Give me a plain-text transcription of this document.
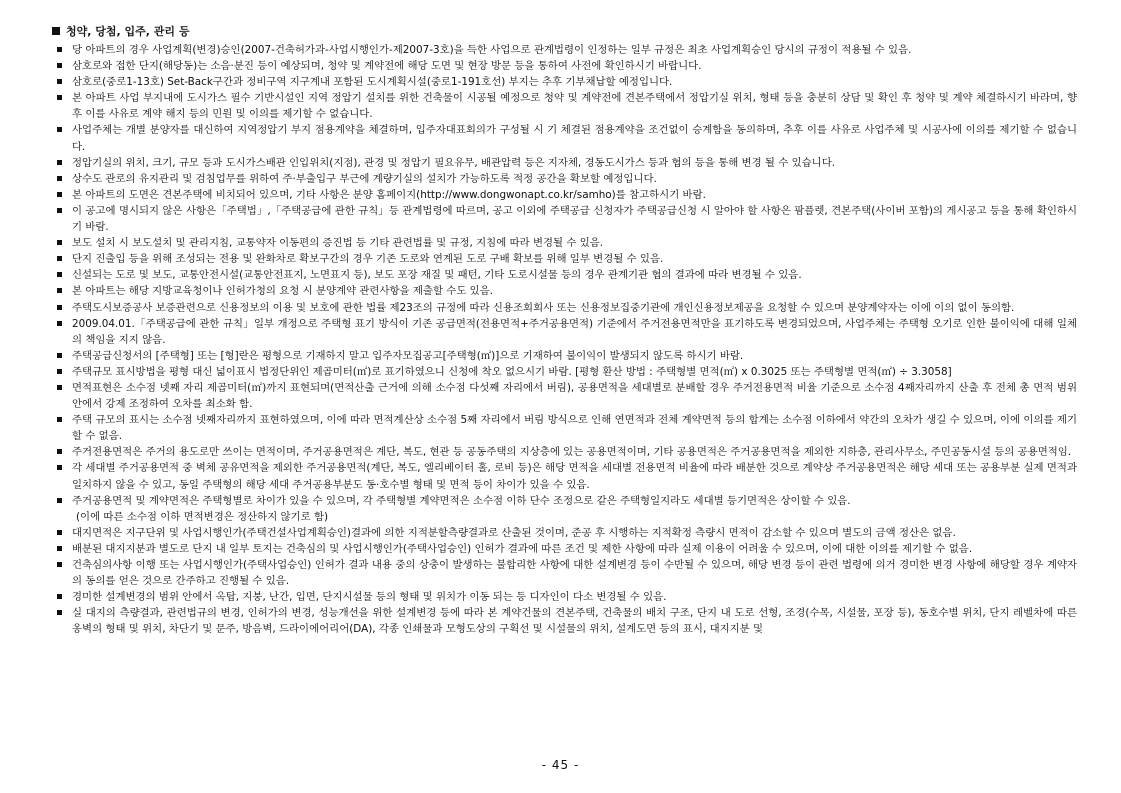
청약, 당첨, 입주, 관리 등
당 아파트의 경우 사업계획(변경)승인(2007-건축허가과-사업시행인가-제2007-3호)을 득한 사업으로 관계법령이 인정하는 일부 규정은 최초 사업계획승인 당시의 규정이 적용될 수 있음.
삼호로와 접한 단지(해당동)는 소음·분진 등이 예상되며, 청약 및 계약전에 해당 도면 및 현장 방문 등을 통하여 사전에 확인하시기 바랍니다.
삼호로(중로1-13호) Set-Back구간과 정비구역 지구계내 포함된 도시계획시설(중로1-191호선) 부지는 추후 기부채납할 예정입니다.
본 아파트 사업 부지내에 도시가스 필수 기반시설인 지역 정압기 설치를 위한 건축물이 시공될 예정으로 청약 및 계약전에 견본주택에서 정압기실 위치, 형태 등을 충분히 상담 및 확인 후 청약 및 계약 체결하시기 바라며, 향후 이를 사유로 계약 해지 등의 민원 및 이의를 제기할 수 없습니다.
사업주체는 개별 분양자를 대신하여 지역정압기 부지 점용계약을 체결하며, 입주자대표회의가 구성될 시 기 체결된 점용계약을 조건없이 승계함을 동의하며, 추후 이를 사유로 사업주체 및 시공사에 이의를 제기할 수 없습니다.
정압기실의 위치, 크기, 규모 등과 도시가스배관 인입위치(지점), 관경 및 정압기 필요유무, 배관압력 등은 지자체, 경동도시가스 등과 협의 등을 통해 변경 될 수 있습니다.
상수도 관로의 유지관리 및 검침업무를 위하여 주·부출입구 부근에 계량기실의 설치가 가능하도록 적정 공간을 확보할 예정입니다.
본 아파트의 도면은 견본주택에 비치되어 있으며, 기타 사항은 분양 홈페이지(http://www.dongwonapt.co.kr/samho)를 참고하시기 바람.
이 공고에 명시되지 않은 사항은「주택법」,「주택공급에 관한 규칙」등 관계법령에 따르며, 공고 이외에 주택공급 신청자가 주택공급신청 시 알아야 할 사항은 팜플렛, 견본주택(사이버 포함)의 게시공고 등을 통해 확인하시기 바람.
보도 설치 시 보도설치 및 관리지침, 교통약자 이동편의 증진법 등 기타 관련법률 및 규정, 지침에 따라 변경될 수 있음.
단지 진출입 등을 위해 조성되는 전용 및 완화차로 확보구간의 경우 기존 도로와 연계된 도로 구배 확보를 위해 일부 변경될 수 있음.
신설되는 도로 및 보도, 교통안전시설(교통안전표지, 노면표지 등), 보도 포장 재질 및 패턴, 기타 도로시설물 등의 경우 관계기관 협의 결과에 따라 변경될 수 있음.
본 아파트는 해당 지방교육청이나 인허가청의 요청 시 분양계약 관련사항을 제출할 수도 있음.
주택도시보증공사 보증관련으로 신용정보의 이용 및 보호에 관한 법률 제23조의 규정에 따라 신용조회회사 또는 신용정보집중기관에 개인신용정보제공을 요청할 수 있으며 분양계약자는 이에 이의 없이 동의함.
2009.04.01.「주택공급에 관한 규칙」일부 개정으로 주택형 표기 방식이 기존 공급면적(전용면적+주거공용면적) 기준에서 주거전용면적만을 표기하도록 변경되었으며, 사업주체는 주택형 오기로 인한 불이익에 대해 일체의 책임을 지지 않음.
주택공급신청서의 [주택형] 또는 [형]란은 평형으로 기재하지 말고 입주자모집공고[주택형(㎡)]으로 기재하여 불이익이 발생되지 않도록 하시기 바람.
주택규모 표시방법을 평형 대신 넓이표시 법정단위인 제곱미터(㎡)로 표기하였으니 신청에 착오 없으시기 바람. [평형 환산 방법 : 주택형별 면적(㎡) x 0.3025 또는 주택형별 면적(㎡) ÷ 3.3058]
면적표현은 소수점 넷째 자리 제곱미터(㎡)까지 표현되며(면적산출 근거에 의해 소수점 다섯째 자리에서 버림), 공용면적을 세대별로 분배할 경우 주거전용면적 비율 기준으로 소수점 4째자리까지 산출 후 전체 총 면적 범위 안에서 강제 조정하여 오차를 최소화 함.
주택 규모의 표시는 소수점 넷째자리까지 표현하였으며, 이에 따라 면적계산상 소수점 5째 자리에서 버림 방식으로 인해 연면적과 전체 계약면적 등의 합계는 소수점 이하에서 약간의 오차가 생길 수 있으며, 이에 이의를 제기할 수 없음.
주거전용면적은 주거의 용도로만 쓰이는 면적이며, 주거공용면적은 계단, 복도, 현관 등 공동주택의 지상층에 있는 공용면적이며, 기타 공용면적은 주거공용면적을 제외한 지하층, 관리사무소, 주민공동시설 등의 공용면적임.
각 세대별 주거공용면적 중 벽체 공유면적을 제외한 주거공용면적(계단, 복도, 엘리베이터 홀, 로비 등)은 해당 면적을 세대별 전용면적 비율에 따라 배분한 것으로 계약상 주거공용면적은 해당 세대 또는 공용부분 실제 면적과 일치하지 않을 수 있고, 동일 주택형의 해당 세대 주거공용부분도 동·호수별 형태 및 면적 등이 차이가 있을 수 있음.
주거공용면적 및 계약면적은 주택형별로 차이가 있을 수 있으며, 각 주택형별 계약면적은 소수점 이하 단수 조정으로 같은 주택형일지라도 세대별 등기면적은 상이할 수 있음.
(이에 따른 소수점 이하 면적변경은 정산하지 않기로 함)
대지면적은 지구단위 및 사업시행인가(주택건설사업계획승인)결과에 의한 지적분할측량결과로 산출된 것이며, 준공 후 시행하는 지적확정 측량시 면적이 감소할 수 있으며 별도의 금액 정산은 없음.
배분된 대지지분과 별도로 단지 내 일부 토지는 건축심의 및 사업시행인가(주택사업승인) 인허가 결과에 따른 조건 및 제한 사항에 따라 실제 이용이 어려울 수 있으며, 이에 대한 이의를 제기할 수 없음.
건축심의사항 이행 또는 사업시행인가(주택사업승인) 인허가 결과 내용 중의 상충이 발생하는 불합리한 사항에 대한 설계변경 등이 수반될 수 있으며, 해당 변경 등이 관련 법령에 의거 경미한 변경 사항에 해당할 경우 계약자의 동의를 얻은 것으로 간주하고 진행될 수 있음.
경미한 설계변경의 범위 안에서 옥탑, 지붕, 난간, 입면, 단지시설물 등의 형태 및 위치가 이동 되는 등 디자인이 다소 변경될 수 있음.
실 대지의 측량결과, 관련법규의 변경, 인허가의 변경, 성능개선을 위한 설계변경 등에 따라 본 계약건물의 견본주택, 건축물의 배치 구조, 단지 내 도로 선형, 조경(수목, 시설물, 포장 등), 동호수별 위치, 단지 레벨차에 따른 옹벽의 형태 및 위치, 차단기 및 문주, 방음벽, 드라이에어리어(DA), 각종 인쇄물과 모형도상의 구획선 및 시설물의 위치, 설계도면 등의 표시, 대지지분 및
- 45 -
